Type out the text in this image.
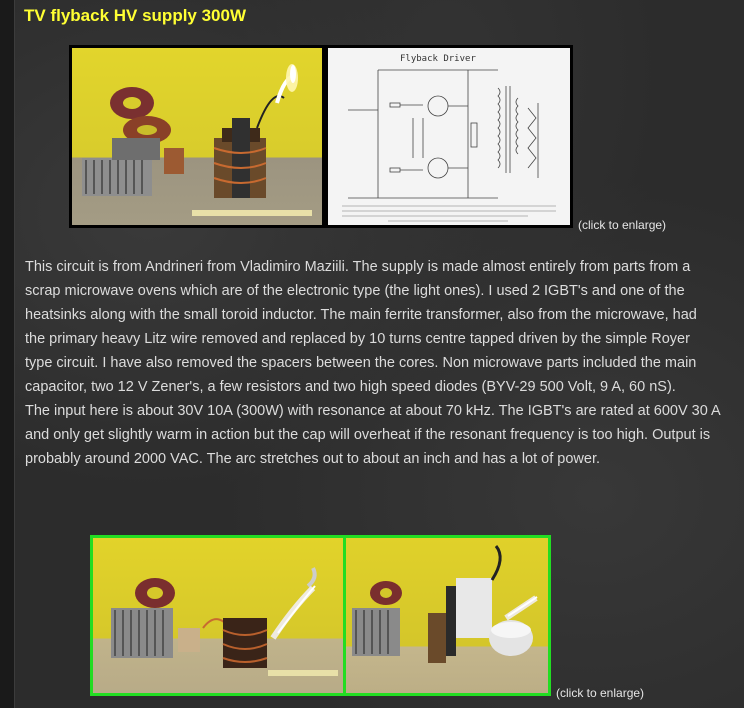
TV flyback HV supply 300W
Flyback Driver
(click to enlarge)

This circuit is from Andrineri from Vladimiro Maziili. The supply is made almost entirely from parts from a scrap microwave ovens which are of the electronic type (the light ones). I used 2 IGBT's and one of the heatsinks along with the small toroid inductor. The main ferrite transformer, also from the microwave, had the primary heavy Litz wire removed and replaced by 10 turns centre tapped driven by the simple Royer type circuit. I have also removed the spacers between the cores. Non microwave parts included the main capacitor, two 12 V Zener's, a few resistors and two high speed diodes (BYV-29 500 Volt, 9 A, 60 nS).

The input here is about 30V 10A (300W) with resonance at about 70 kHz. The IGBT's are rated at 600V 30 A and only get slightly warm in action but the cap will overheat if the resonant frequency is too high. Output is probably around 2000 VAC. The arc stretches out to about an inch and has a lot of power.

(click to enlarge)
